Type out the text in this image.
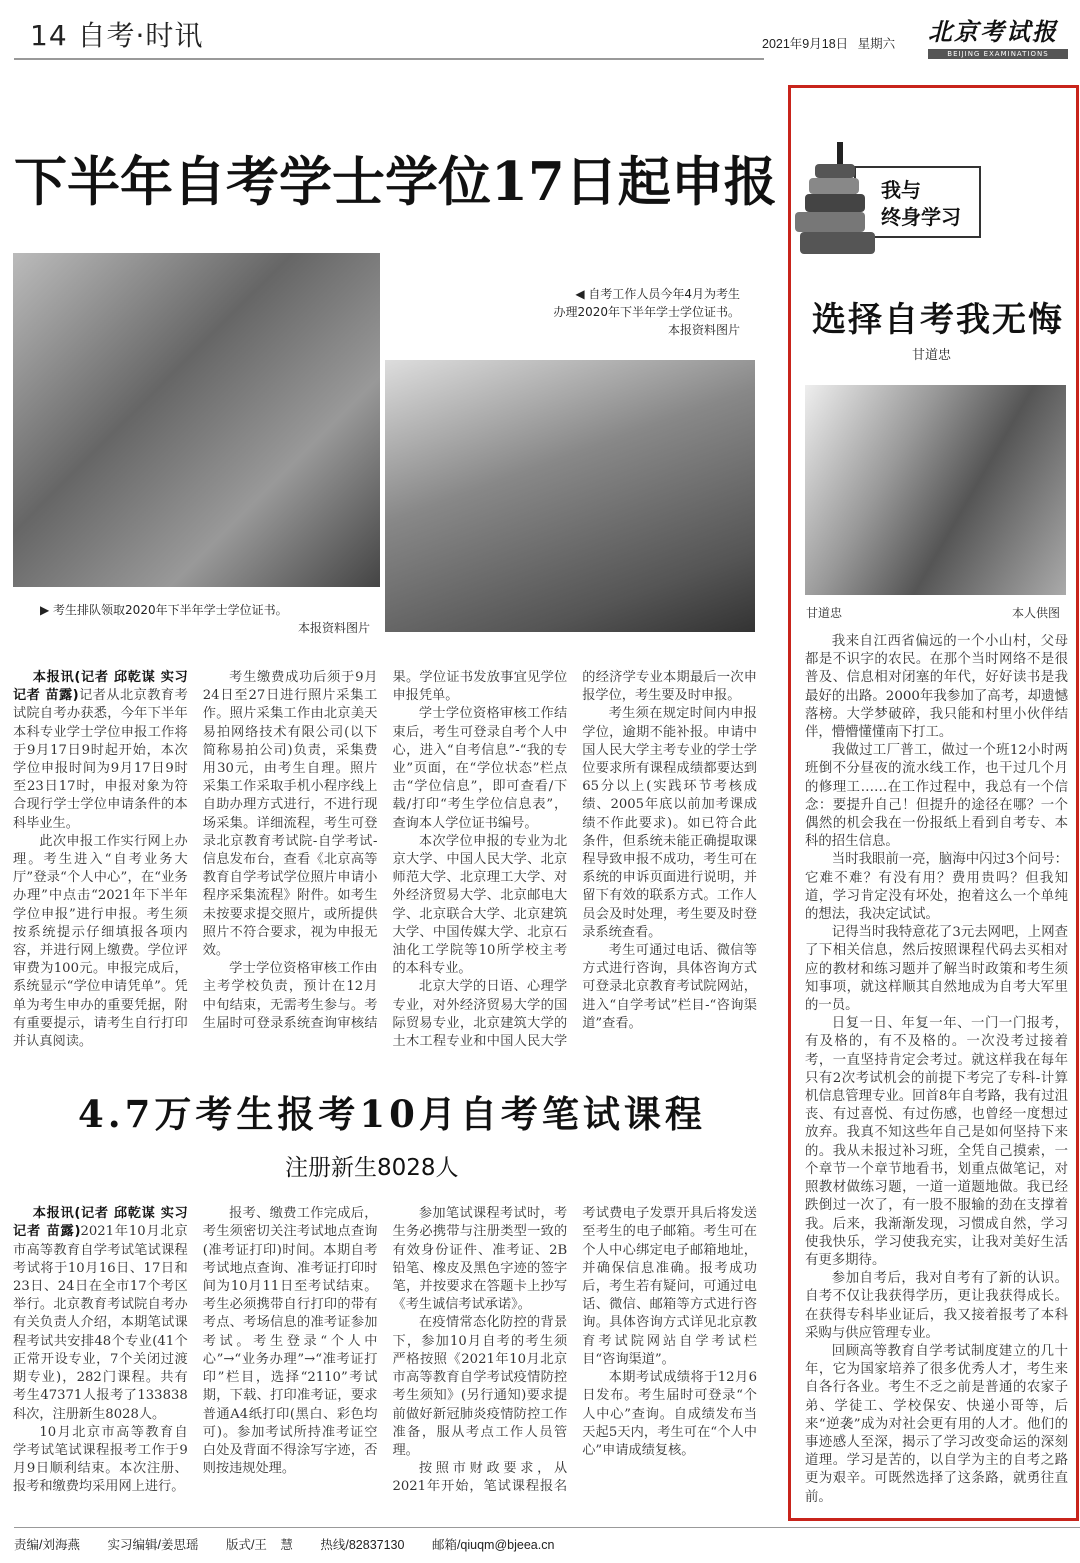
14 自考·时讯	2021年9月18日 星期六 北京考试报
BEIJING EXAMINATIONS
下半年自考学士学位17日起申报
◀ 自考工作人员今年4月为考生
办理2020年下半年学士学位证书。
本报资料图片
▶ 考生排队领取2020年下半年学士学位证书。
本报资料图片

本报讯(记者 邱乾谋 实习记者 苗露)记者从北京教育考试院自考办获悉，今年下半年本科专业学士学位申报工作将于9月17日9时起开始，本次学位申报时间为9月17日9时至23日17时，申报对象为符合现行学士学位申请条件的本科毕业生。

此次申报工作实行网上办理。考生进入“自考业务大厅”登录“个人中心”，在“业务办理”中点击“2021年下半年学位申报”进行申报。考生须按系统提示仔细填报各项内容，并进行网上缴费。学位评审费为100元。申报完成后，系统显示“学位申请凭单”。凭单为考生申办的重要凭据，附有重要提示，请考生自行打印并认真阅读。

考生缴费成功后须于9月24日至27日进行照片采集工作。照片采集工作由北京美天易拍网络技术有限公司(以下简称易拍公司)负责，采集费用30元，由考生自理。照片采集工作采取手机小程序线上自助办理方式进行，不进行现场采集。详细流程，考生可登录北京教育考试院-自学考试-信息发布台，查看《北京高等教育自学考试学位照片申请小程序采集流程》附件。如考生未按要求提交照片，或所提供照片不符合要求，视为申报无效。

学士学位资格审核工作由主考学校负责，预计在12月中旬结束，无需考生参与。考生届时可登录系统查询审核结果。学位证书发放事宜见学位申报凭单。

学士学位资格审核工作结束后，考生可登录自考个人中心，进入“自考信息”-“我的专业”页面，在“学位状态”栏点击“学位信息”，即可查看/下载/打印“考生学位信息表”，查询本人学位证书编号。

本次学位申报的专业为北京大学、中国人民大学、北京师范大学、北京理工大学、对外经济贸易大学、北京邮电大学、北京联合大学、北京建筑大学、中国传媒大学、北京石油化工学院等10所学校主考的本科专业。

北京大学的日语、心理学专业，对外经济贸易大学的国际贸易专业，北京建筑大学的土木工程专业和中国人民大学的经济学专业本期最后一次申报学位，考生要及时申报。

考生须在规定时间内申报学位，逾期不能补报。申请中国人民大学主考专业的学士学位要求所有课程成绩都要达到65分以上(实践环节考核成绩、2005年底以前加考课成绩不作此要求)。如已符合此条件，但系统未能正确提取课程导致申报不成功，考生可在系统的申诉页面进行说明，并留下有效的联系方式。工作人员会及时处理，考生要及时登录系统查看。

考生可通过电话、微信等方式进行咨询，具体咨询方式可登录北京教育考试院网站，进入“自学考试”栏目-“咨询渠道”查看。

4.7万考生报考10月自考笔试课程
注册新生8028人

本报讯(记者 邱乾谋 实习记者 苗露)2021年10月北京市高等教育自学考试笔试课程考试将于10月16日、17日和23日、24日在全市17个考区举行。北京教育考试院自考办有关负责人介绍，本期笔试课程考试共安排48个专业(41个正常开设专业，7个关闭过渡期专业)，282门课程。共有考生47371人报考了133838科次，注册新生8028人。

10月北京市高等教育自学考试笔试课程报考工作于9月9日顺利结束。本次注册、报考和缴费均采用网上进行。

报考、缴费工作完成后，考生须密切关注考试地点查询(准考证打印)时间。本期自考考试地点查询、准考证打印时间为10月11日至考试结束。考生必须携带自行打印的带有考点、考场信息的准考证参加考试。考生登录“个人中心”→“业务办理”→“准考证打印”栏目，选择“2110”考试期，下载、打印准考证，要求普通A4纸打印(黑白、彩色均可)。参加考试所持准考证空白处及背面不得涂写字迹，否则按违规处理。

参加笔试课程考试时，考生务必携带与注册类型一致的有效身份证件、准考证、2B铅笔、橡皮及黑色字迹的签字笔，并按要求在答题卡上抄写《考生诚信考试承诺》。

在疫情常态化防控的背景下，参加10月自考的考生须严格按照《2021年10月北京市高等教育自学考试疫情防控考生须知》(另行通知)要求提前做好新冠肺炎疫情防控工作准备，服从考点工作人员管理。

按照市财政要求，从2021年开始，笔试课程报名考试费电子发票开具后将发送至考生的电子邮箱。考生可在个人中心绑定电子邮箱地址，并确保信息准确。报考成功后，考生若有疑问，可通过电话、微信、邮箱等方式进行咨询。具体咨询方式详见北京教育考试院网站自学考试栏目“咨询渠道”。

本期考试成绩将于12月6日发布。考生届时可登录“个人中心”查询。自成绩发布当天起5天内，考生可在“个人中心”申请成绩复核。

我与
终身学习
选择自考我无悔
甘道忠
甘道忠	本人供图

我来自江西省偏远的一个小山村，父母都是不识字的农民。在那个当时网络不是很普及、信息相对闭塞的年代，好好读书是我最好的出路。2000年我参加了高考，却遗憾落榜。大学梦破碎，我只能和村里小伙伴结伴，懵懵懂懂南下打工。

我做过工厂普工，做过一个班12小时两班倒不分昼夜的流水线工作，也干过几个月的修理工……在工作过程中，我总有一个信念：要提升自己！但提升的途径在哪？一个偶然的机会我在一份报纸上看到自考专、本科的招生信息。

当时我眼前一亮，脑海中闪过3个问号：它难不难？有没有用？费用贵吗？但我知道，学习肯定没有坏处，抱着这么一个单纯的想法，我决定试试。

记得当时我特意花了3元去网吧，上网查了下相关信息，然后按照课程代码去买相对应的教材和练习题并了解当时政策和考生须知事项，就这样顺其自然地成为自考大军里的一员。

日复一日、年复一年、一门一门报考，有及格的，有不及格的。一次没考过接着考，一直坚持肯定会考过。就这样我在每年只有2次考试机会的前提下考完了专科-计算机信息管理专业。回首8年自考路，我有过沮丧、有过喜悦、有过伤感，也曾经一度想过放弃。我真不知这些年自己是如何坚持下来的。我从未报过补习班，全凭自己摸索，一个章节一个章节地看书，划重点做笔记，对照教材做练习题，一道一道题地做。我已经跌倒过一次了，有一股不服输的劲在支撑着我。后来，我渐渐发现，习惯成自然，学习使我快乐，学习使我充实，让我对美好生活有更多期待。

参加自考后，我对自考有了新的认识。自考不仅让我获得学历，更让我获得成长。在获得专科毕业证后，我又接着报考了本科采购与供应管理专业。

回顾高等教育自学考试制度建立的几十年，它为国家培养了很多优秀人才，考生来自各行各业。考生不乏之前是普通的农家子弟、学徒工、学校保安、快递小哥等，后来“逆袭”成为对社会更有用的人才。他们的事迹感人至深，揭示了学习改变命运的深刻道理。学习是苦的，以自学为主的自考之路更为艰辛。可既然选择了这条路，就勇往直前。

责编/刘海燕 实习编辑/姜思瑶 版式/王 慧 热线/82837130 邮箱/qiuqm@bjeea.cn
